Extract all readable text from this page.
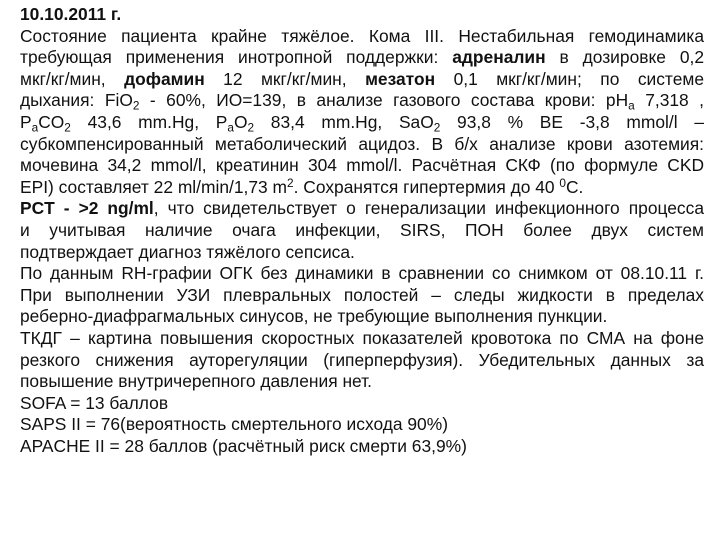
10.10.2011 г.
Состояние пациента крайне тяжёлое. Кома III. Нестабильная гемодинамика
требующая применения инотропной поддержки: адреналин в дозировке 0,2
мкг/кг/мин, дофамин 12 мкг/кг/мин, мезатон 0,1 мкг/кг/мин; по системе
дыхания: FiO$_2$ - 60%, ИО=139, в анализе газового состава крови: $pH_a$ 7,318 ,
$P_aCO_2$ 43,6 mm.Hg, $P_aO_2$ 83,4 mm.Hg, SaO$_2$ 93,8 % BE -3,8 mmol/l –
субкомпенсированный метаболический ацидоз. В б/х анализе крови азотемия:
мочевина 34,2 mmol/l, креатинин 304 mmol/l. Расчётная СКФ (по формуле CKD
EPI) составляет 22 ml/min/1,73 $m^2$. Сохранятся гипертермия до 40 $^0$С.
PCT - >2 ng/ml, что свидетельствует о генерализации инфекционного процесса
и учитывая наличие очага инфекции, SIRS, ПОН более двух систем
подтверждает диагноз тяжёлого сепсиса.
По данным RH-графии ОГК без динамики в сравнении со снимком от 08.10.11 г.
При выполнении УЗИ плевральных полостей – следы жидкости в пределах
реберно-диафрагмальных синусов, не требующие выполнения пункции.
ТКДГ – картина повышения скоростных показателей кровотока по СМА на фоне
резкого снижения ауторегуляции (гиперперфузия). Убедительных данных за
повышение внутричерепного давления нет.
SOFA = 13 баллов
SAPS II = 76(вероятность смертельного исхода 90%)
APACHE II = 28 баллов (расчётный риск смерти 63,9%)
